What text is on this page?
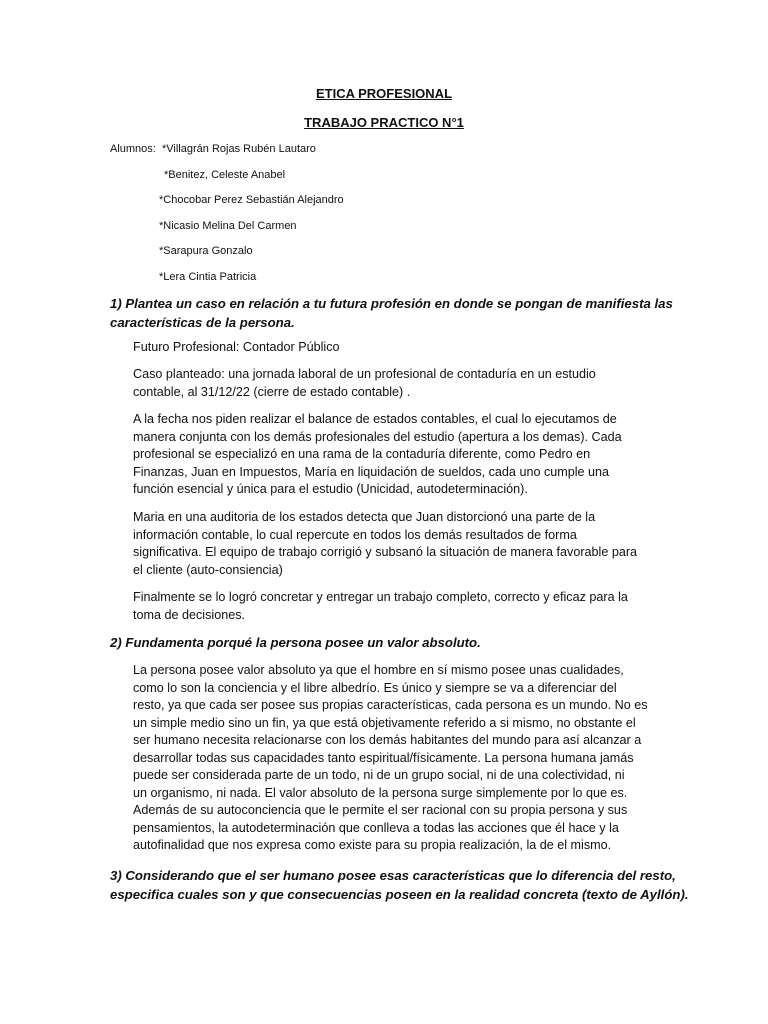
ETICA PROFESIONAL
TRABAJO PRACTICO N°1
Alumnos: *Villagrán Rojas Rubén Lautaro
*Benitez, Celeste Anabel
*Chocobar Perez Sebastián Alejandro
*Nicasio Melina Del Carmen
*Sarapura Gonzalo
*Lera Cintia Patricia
1) Plantea un caso en relación a tu futura profesión en donde se pongan de manifiesta las
características de la persona.
Futuro Profesional: Contador Público
Caso planteado: una jornada laboral de un profesional de contaduría en un estudio
contable, al 31/12/22 (cierre de estado contable) .
A la fecha nos piden realizar el balance de estados contables, el cual lo ejecutamos de
manera conjunta con los demás profesionales del estudio (apertura a los demas). Cada
profesional se especializó en una rama de la contaduría diferente, como Pedro en
Finanzas, Juan en Impuestos, María en liquidación de sueldos, cada uno cumple una
función esencial y única para el estudio (Unicidad, autodeterminación).
Maria en una auditoria de los estados detecta que Juan distorcionó una parte de la
información contable, lo cual repercute en todos los demás resultados de forma
significativa. El equipo de trabajo corrigió y subsanó la situación de manera favorable para
el cliente (auto-consiencia)
Finalmente se lo logró concretar y entregar un trabajo completo, correcto y eficaz para la
toma de decisiones.
2) Fundamenta porqué la persona posee un valor absoluto.
La persona posee valor absoluto ya que el hombre en sí mismo posee unas cualidades,
como lo son la conciencia y el libre albedrío. Es único y siempre se va a diferenciar del
resto, ya que cada ser posee sus propias características, cada persona es un mundo. No es
un simple medio sino un fin, ya que está objetivamente referido a si mismo, no obstante el
ser humano necesita relacionarse con los demás habitantes del mundo para así alcanzar a
desarrollar todas sus capacidades tanto espiritual/físicamente. La persona humana jamás
puede ser considerada parte de un todo, ni de un grupo social, ni de una colectividad, ni
un organismo, ni nada. El valor absoluto de la persona surge simplemente por lo que es.
Además de su autoconciencia que le permite el ser racional con su propia persona y sus
pensamientos, la autodeterminación que conlleva a todas las acciones que él hace y la
autofinalidad que nos expresa como existe para su propia realización, la de el mismo.
3) Considerando que el ser humano posee esas características que lo diferencia del resto,
especifica cuales son y que consecuencias poseen en la realidad concreta (texto de Ayllón).
